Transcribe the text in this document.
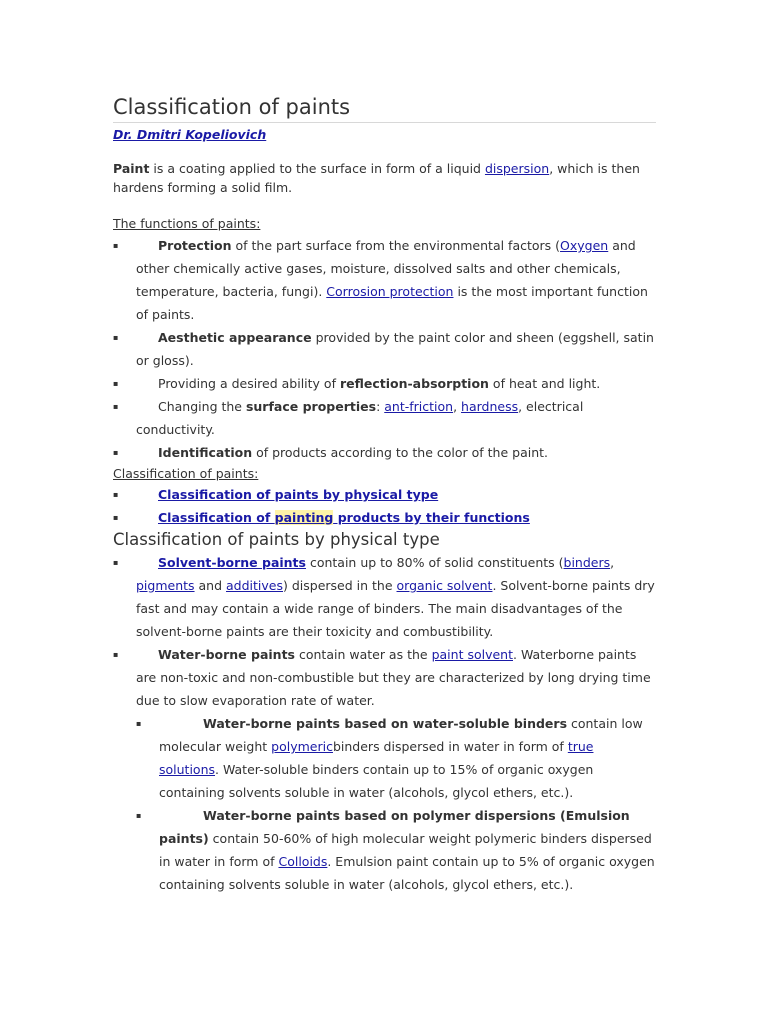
Classification of paints
Dr. Dmitri Kopeliovich

Paint is a coating applied to the surface in form of a liquid dispersion, which is then hardens forming a solid film.

The functions of paints:

▪	Protection of the part surface from the environmental factors (Oxygen and other chemically active gases, moisture, dissolved salts and other chemicals, temperature, bacteria, fungi). Corrosion protection is the most important function of paints.
▪	Aesthetic appearance provided by the paint color and sheen (eggshell, satin or gloss).
▪	Providing a desired ability of reflection-absorption of heat and light.
▪	Changing the surface properties: ant-friction, hardness, electrical conductivity.
▪	Identification of products according to the color of the paint.

Classification of paints:

▪	Classification of paints by physical type
▪	Classification of painting products by their functions
Classification of paints by physical type
▪	Solvent-borne paints contain up to 80% of solid constituents (binders, pigments and additives) dispersed in the organic solvent. Solvent-borne paints dry fast and may contain a wide range of binders. The main disadvantages of the solvent-borne paints are their toxicity and combustibility.
▪	Water-borne paints contain water as the paint solvent. Waterborne paints are non-toxic and non-combustible but they are characterized by long drying time due to slow evaporation rate of water.
▪	Water-borne paints based on water-soluble binders contain low molecular weight polymericbinders dispersed in water in form of true solutions. Water-soluble binders contain up to 15% of organic oxygen containing solvents soluble in water (alcohols, glycol ethers, etc.).
▪	Water-borne paints based on polymer dispersions (Emulsion paints) contain 50-60% of high molecular weight polymeric binders dispersed in water in form of Colloids. Emulsion paint contain up to 5% of organic oxygen containing solvents soluble in water (alcohols, glycol ethers, etc.).
